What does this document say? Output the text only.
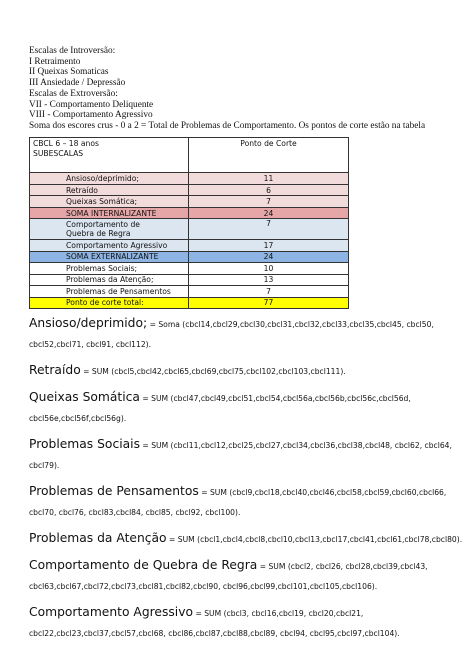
Escalas de Introversão:
I Retraimento
II Queixas Somaticas
III Ansiedade / Depressão
Escalas de Extroversão:
VII - Comportamento Deliquente
VIII - Comportamento Agressivo
Soma dos escores crus - 0 a 2 = Total de Problemas de Comportamento. Os pontos de corte estão na tabela
CBCL 6 – 18 anos
SUBESCALAS	Ponto de Corte
Ansioso/deprimido;	11
Retraído	6
Queixas Somática;	7
SOMA INTERNALIZANTE	24
Comportamento de Quebra de Regra	7
Comportamento Agressivo	17
SOMA EXTERNALIZANTE	24
Problemas Sociais;	10
Problemas da Atenção;	13
Problemas de Pensamentos	7
Ponto de corte total:	77
Ansioso/deprimido; = Soma (cbcl14,cbcl29,cbcl30,cbcl31,cbcl32,cbcl33,cbcl35,cbcl45, cbcl50, cbcl52,cbcl71, cbcl91, cbcl112).
Retraído = SUM (cbcl5,cbcl42,cbcl65,cbcl69,cbcl75,cbcl102,cbcl103,cbcl111).
Queixas Somática = SUM (cbcl47,cbcl49,cbcl51,cbcl54,cbcl56a,cbcl56b,cbcl56c,cbcl56d, cbcl56e,cbcl56f,cbcl56g).
Problemas Sociais = SUM (cbcl11,cbcl12,cbcl25,cbcl27,cbcl34,cbcl36,cbcl38,cbcl48, cbcl62, cbcl64, cbcl79).
Problemas de Pensamentos = SUM (cbcl9,cbcl18,cbcl40,cbcl46,cbcl58,cbcl59,cbcl60,cbcl66, cbcl70, cbcl76, cbcl83,cbcl84, cbcl85, cbcl92, cbcl100).
Problemas da Atenção = SUM (cbcl1,cbcl4,cbcl8,cbcl10,cbcl13,cbcl17,cbcl41,cbcl61,cbcl78,cbcl80).
Comportamento de Quebra de Regra = SUM (cbcl2, cbcl26, cbcl28,cbcl39,cbcl43, cbcl63,cbcl67,cbcl72,cbcl73,cbcl81,cbcl82,cbcl90, cbcl96,cbcl99,cbcl101,cbcl105,cbcl106).
Comportamento Agressivo = SUM (cbcl3, cbcl16,cbcl19, cbcl20,cbcl21, cbcl22,cbcl23,cbcl37,cbcl57,cbcl68, cbcl86,cbcl87,cbcl88,cbcl89, cbcl94, cbcl95,cbcl97,cbcl104).
